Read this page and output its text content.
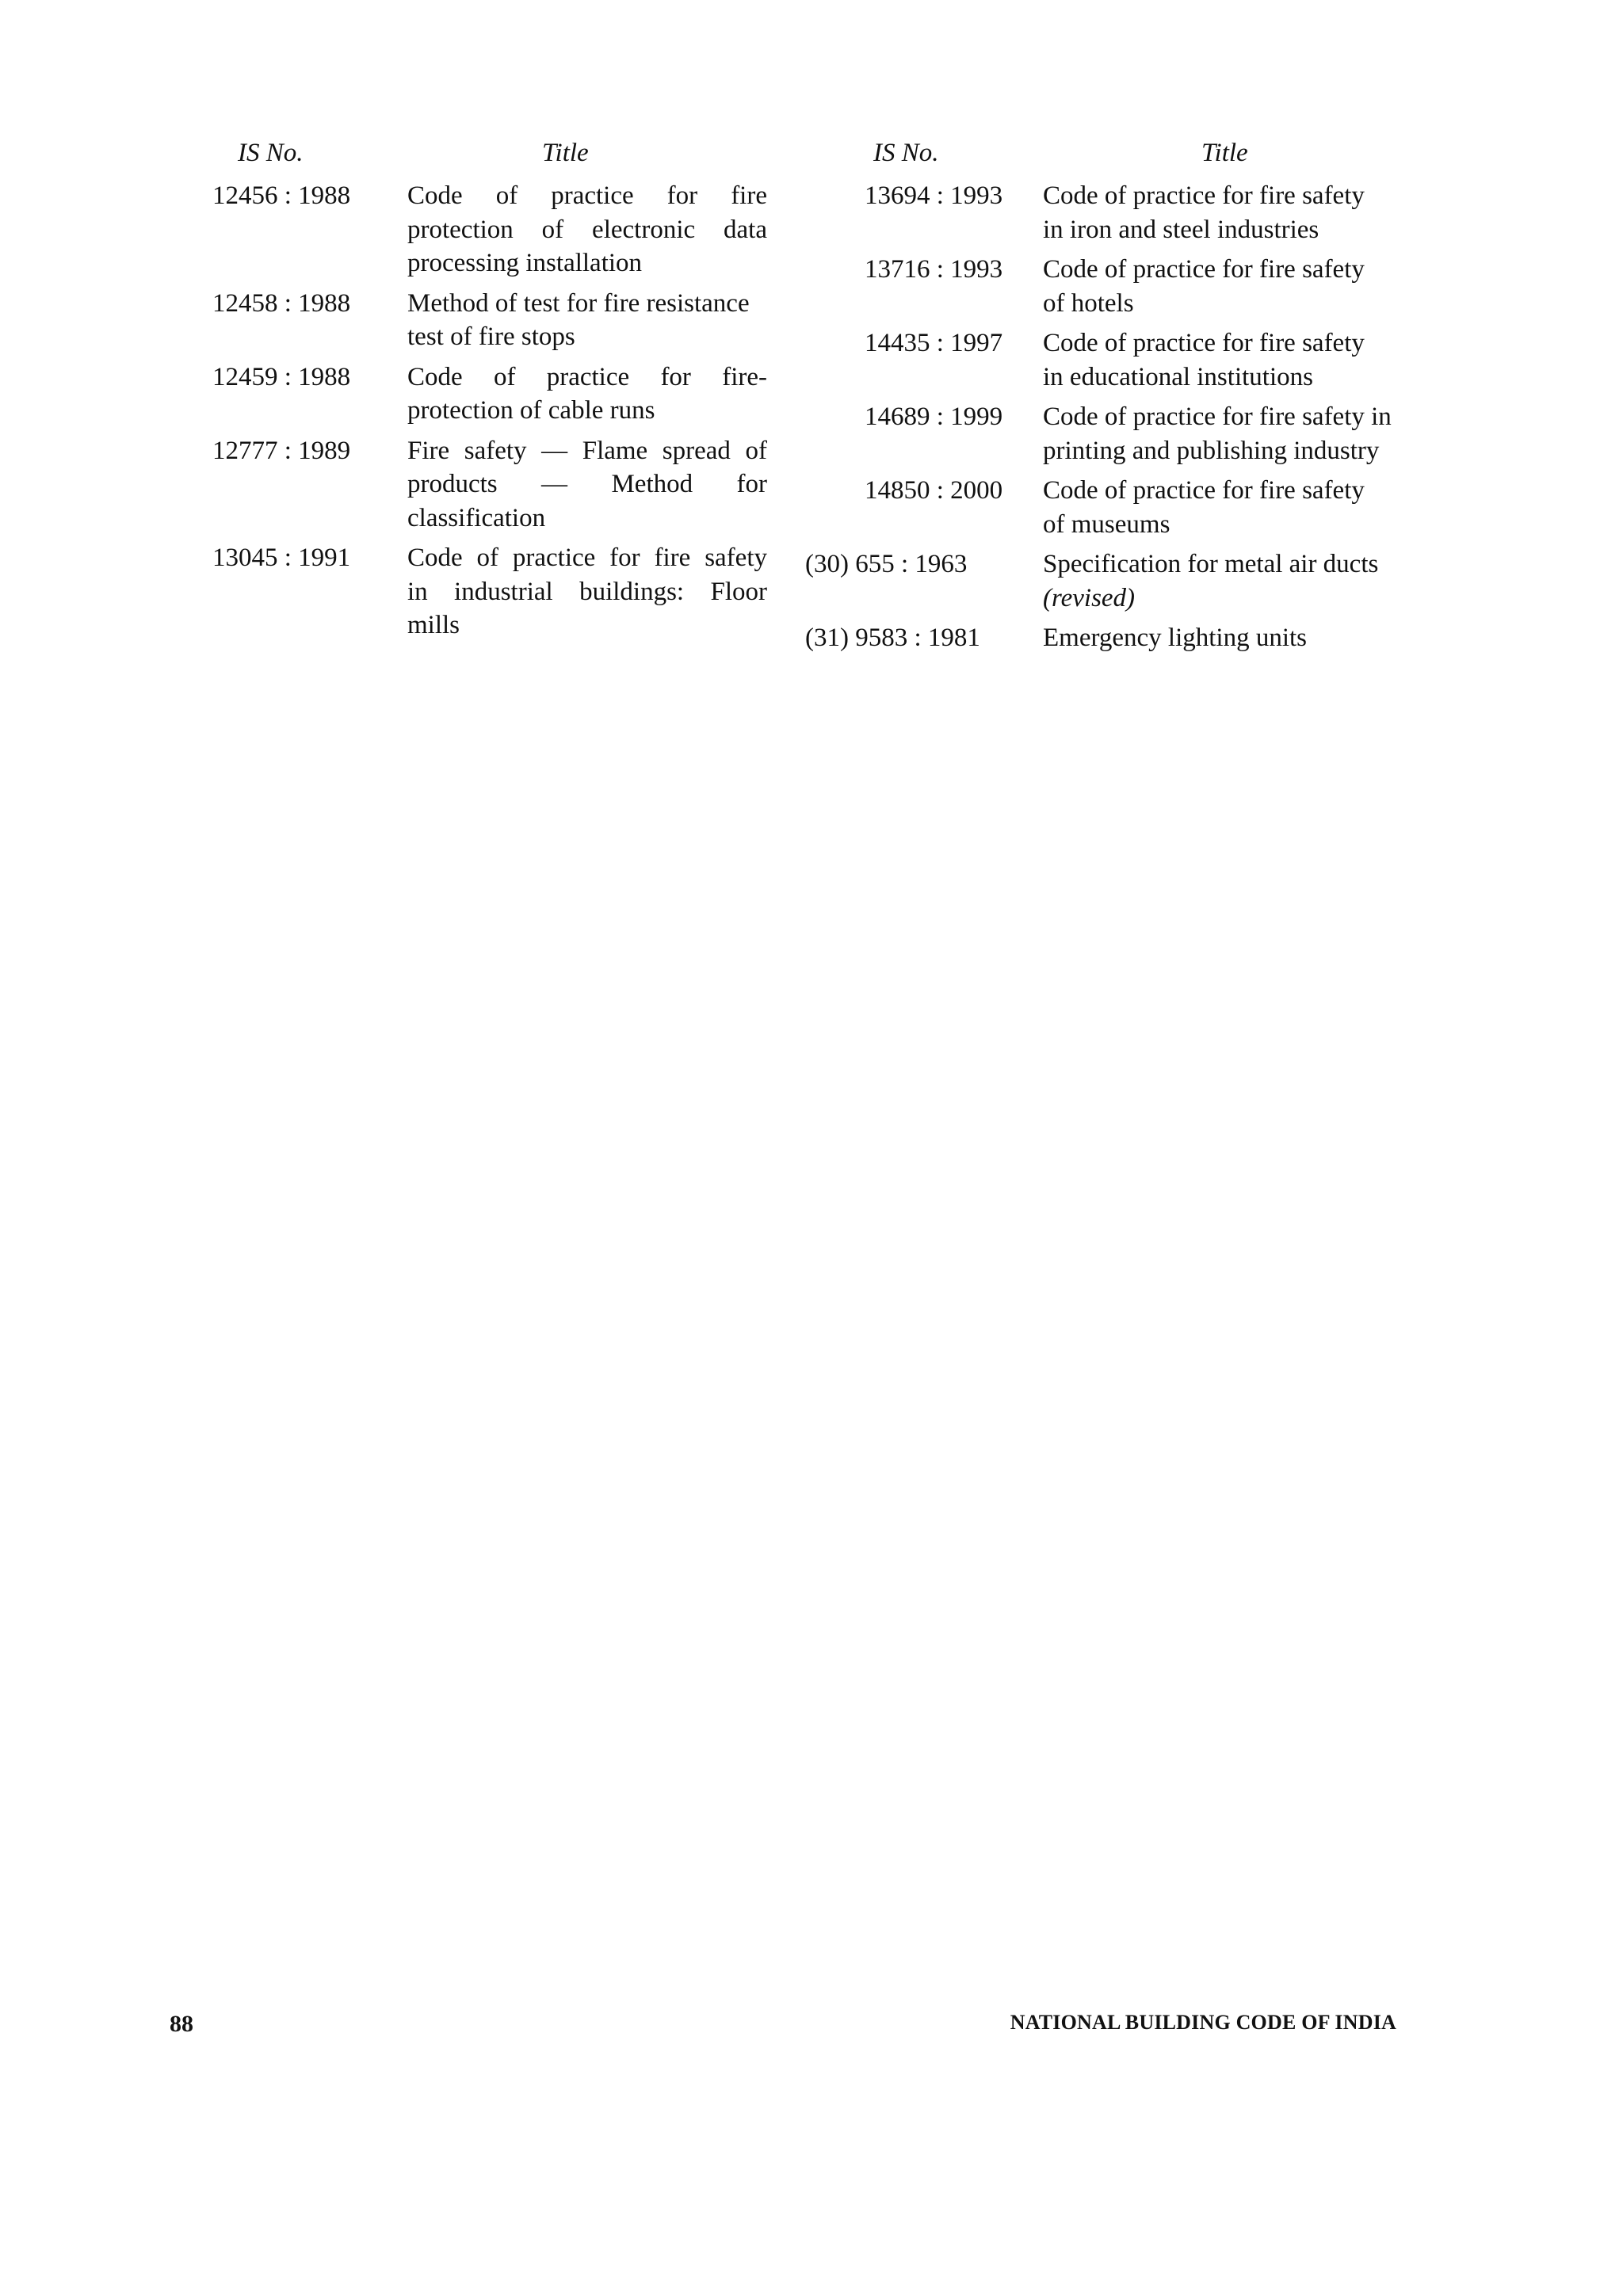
IS No.	Title
12456 : 1988	Code of practice for fire
protection of electronic data
processing installation
12458 : 1988	Method of test for fire resistance
test of fire stops
12459 : 1988	Code of practice for fire-
protection of cable runs
12777 : 1989	Fire safety — Flame spread of
products — Method for
classification
13045 : 1991	Code of practice for fire safety
in industrial buildings: Floor
mills
IS No.	Title
13694 : 1993	Code of practice for fire safety
in iron and steel industries
13716 : 1993	Code of practice for fire safety
of hotels
14435 : 1997	Code of practice for fire safety
in educational institutions
14689 : 1999	Code of practice for fire safety in
printing and publishing industry
14850 : 2000	Code of practice for fire safety
of museums
(30) 655 : 1963	Specification for metal air ducts
(revised)
(31) 9583 : 1981	Emergency lighting units
88	NATIONAL BUILDING CODE OF INDIA
